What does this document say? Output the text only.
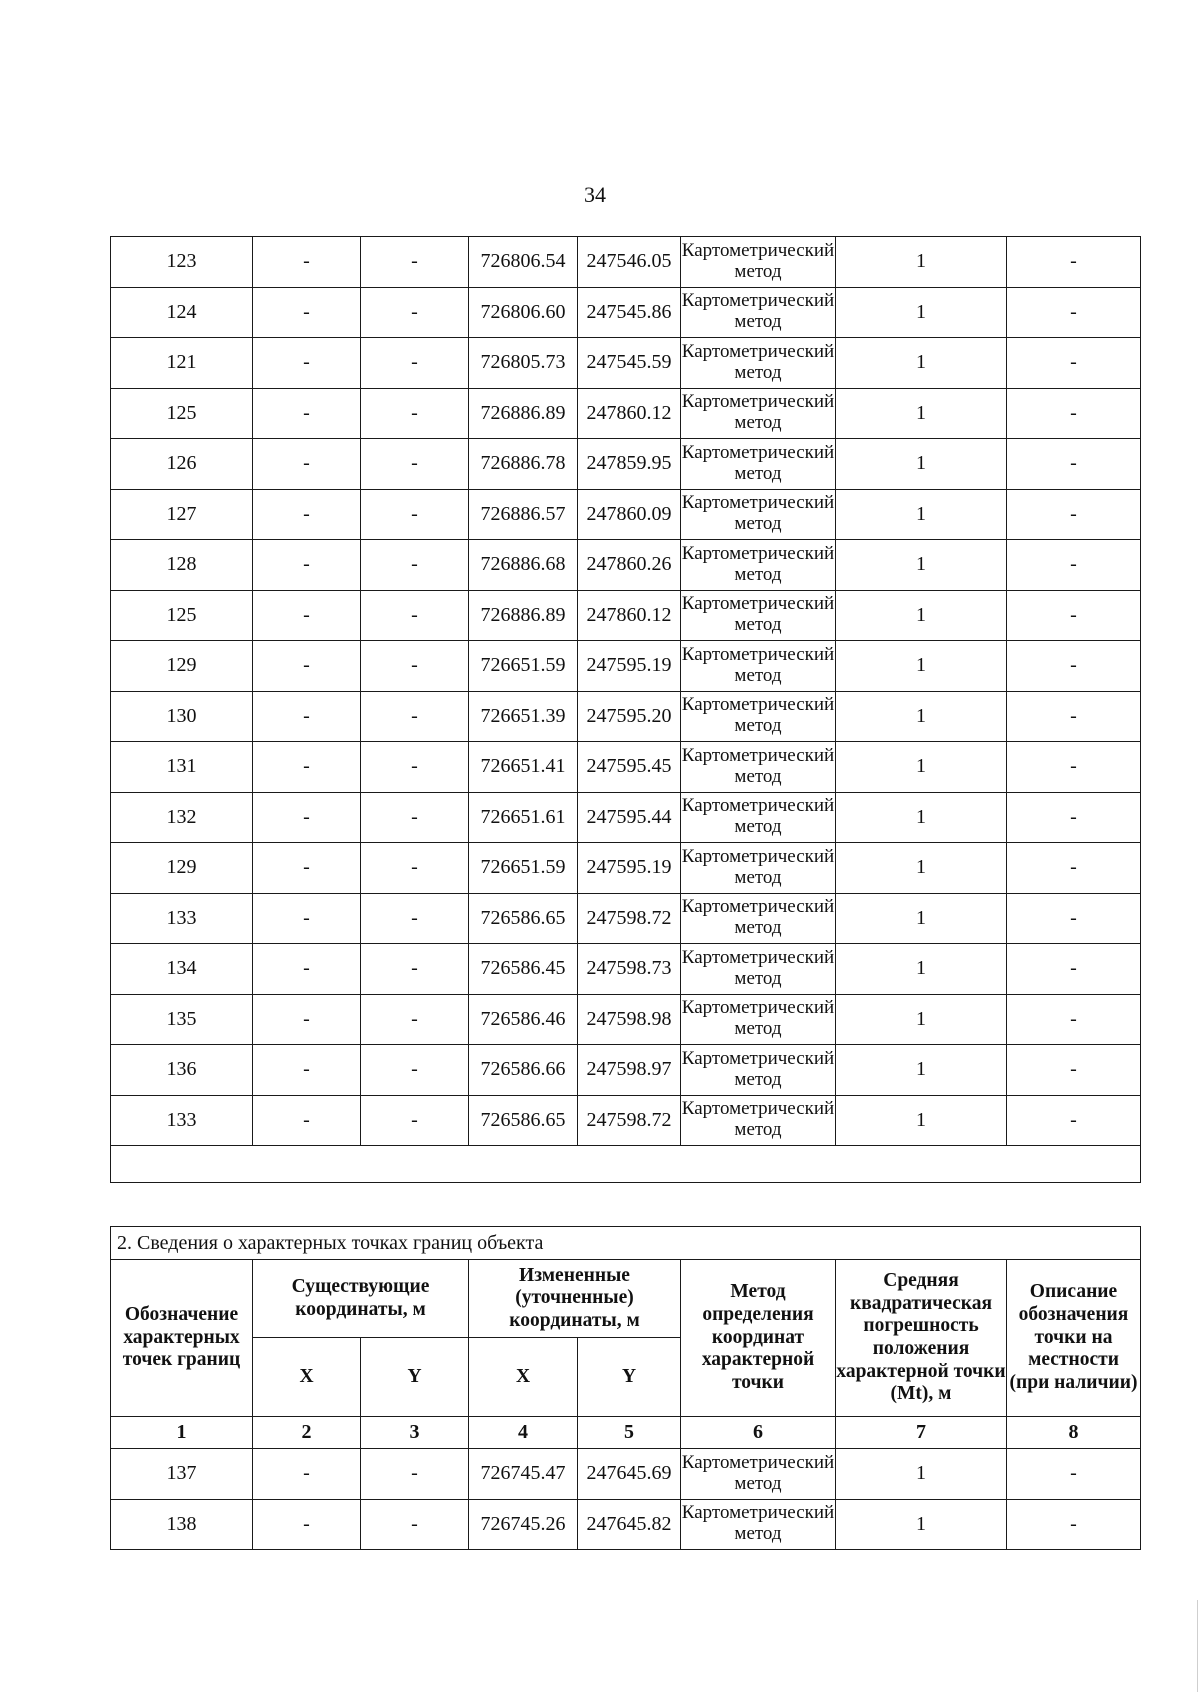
34
123	-	-	726806.54	247546.05	Картометрический метод	1	-
124	-	-	726806.60	247545.86	Картометрический метод	1	-
121	-	-	726805.73	247545.59	Картометрический метод	1	-
125	-	-	726886.89	247860.12	Картометрический метод	1	-
126	-	-	726886.78	247859.95	Картометрический метод	1	-
127	-	-	726886.57	247860.09	Картометрический метод	1	-
128	-	-	726886.68	247860.26	Картометрический метод	1	-
125	-	-	726886.89	247860.12	Картометрический метод	1	-
129	-	-	726651.59	247595.19	Картометрический метод	1	-
130	-	-	726651.39	247595.20	Картометрический метод	1	-
131	-	-	726651.41	247595.45	Картометрический метод	1	-
132	-	-	726651.61	247595.44	Картометрический метод	1	-
129	-	-	726651.59	247595.19	Картометрический метод	1	-
133	-	-	726586.65	247598.72	Картометрический метод	1	-
134	-	-	726586.45	247598.73	Картометрический метод	1	-
135	-	-	726586.46	247598.98	Картометрический метод	1	-
136	-	-	726586.66	247598.97	Картометрический метод	1	-
133	-	-	726586.65	247598.72	Картометрический метод	1	-

2. Сведения о характерных точках границ объекта							
Обозначение характерных точек границ	Существующие координаты, м		Измененные (уточненные) координаты, м		Метод определения координат характерной точки	Средняя квадратическая погрешность положения характерной точки (Mt), м	Описание обозначения точки на местности (при наличии)
	X	Y	X	Y			
1	2	3	4	5	6	7	8
137	-	-	726745.47	247645.69	Картометрический метод	1	-
138	-	-	726745.26	247645.82	Картометрический метод	1	-
